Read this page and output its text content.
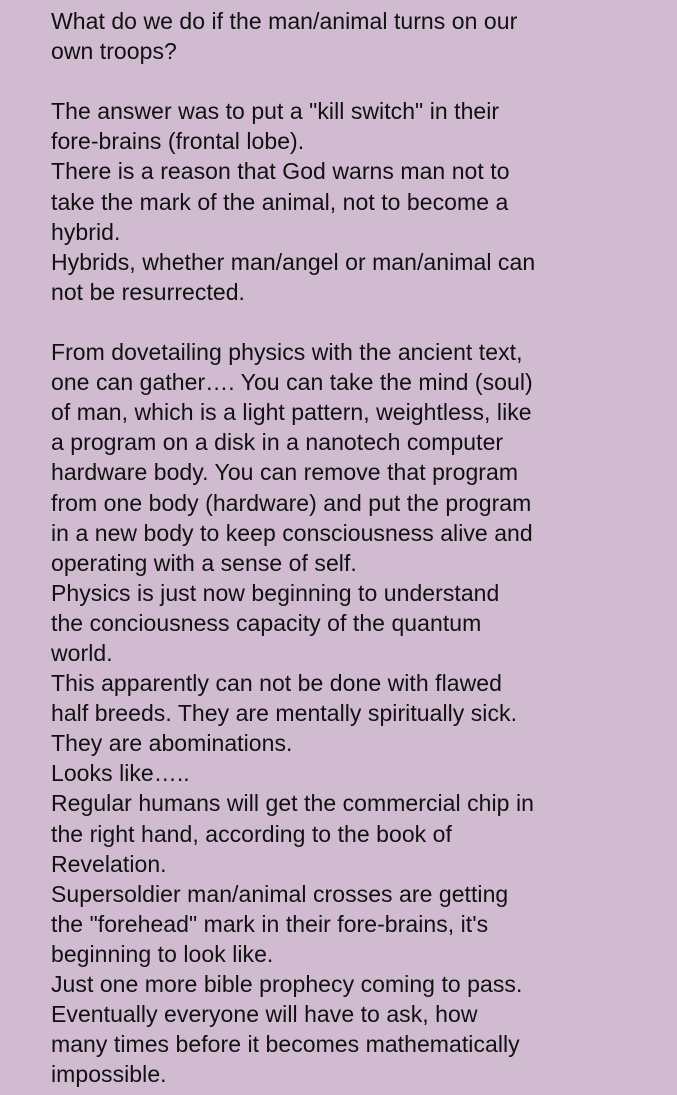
What do we do if the man/animal turns on our
own troops?
The answer was to put a "kill switch" in their
fore-brains (frontal lobe).
There is a reason that God warns man not to
take the mark of the animal, not to become a
hybrid.
Hybrids, whether man/angel or man/animal can
not be resurrected.
From dovetailing physics with the ancient text,
one can gather…. You can take the mind (soul)
of man, which is a light pattern, weightless, like
a program on a disk in a nanotech computer
hardware body. You can remove that program
from one body (hardware) and put the program
in a new body to keep consciousness alive and
operating with a sense of self.
Physics is just now beginning to understand
the conciousness capacity of the quantum
world.
This apparently can not be done with flawed
half breeds. They are mentally spiritually sick.
They are abominations.
Looks like…..
Regular humans will get the commercial chip in
the right hand, according to the book of
Revelation.
Supersoldier man/animal crosses are getting
the "forehead" mark in their fore-brains, it's
beginning to look like.
Just one more bible prophecy coming to pass.
Eventually everyone will have to ask, how
many times before it becomes mathematically
impossible.
